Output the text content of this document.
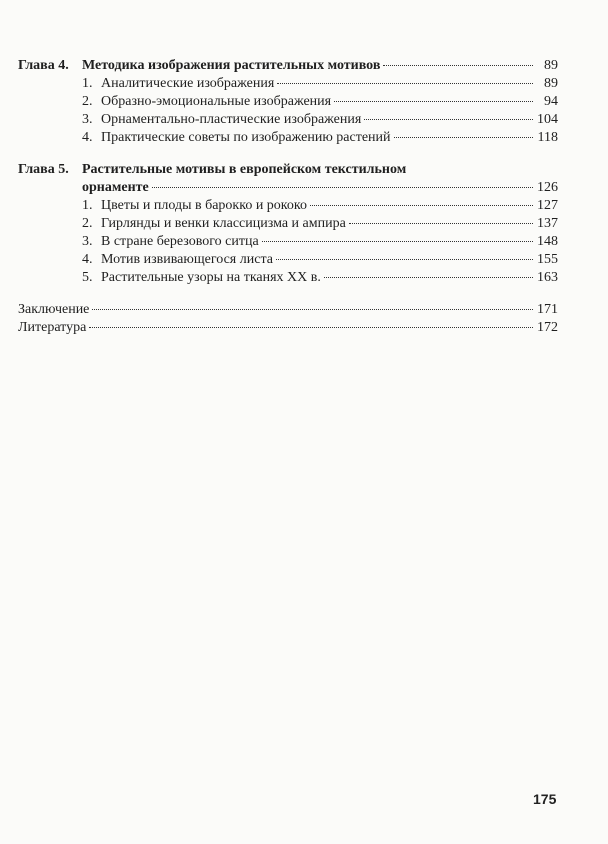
Глава 4. Методика изображения растительных мотивов	89
1. Аналитические изображения	89
2. Образно-эмоциональные изображения	94
3. Орнаментально-пластические изображения	104
4. Практические советы по изображению растений	118
Глава 5. Растительные мотивы в европейском текстильном
орнаменте	126
1. Цветы и плоды в барокко и рококо	127
2. Гирлянды и венки классицизма и ампира	137
3. В стране березового ситца	148
4. Мотив извивающегося листа	155
5. Растительные узоры на тканях XX в.	163
Заключение	171
Литература	172
175
